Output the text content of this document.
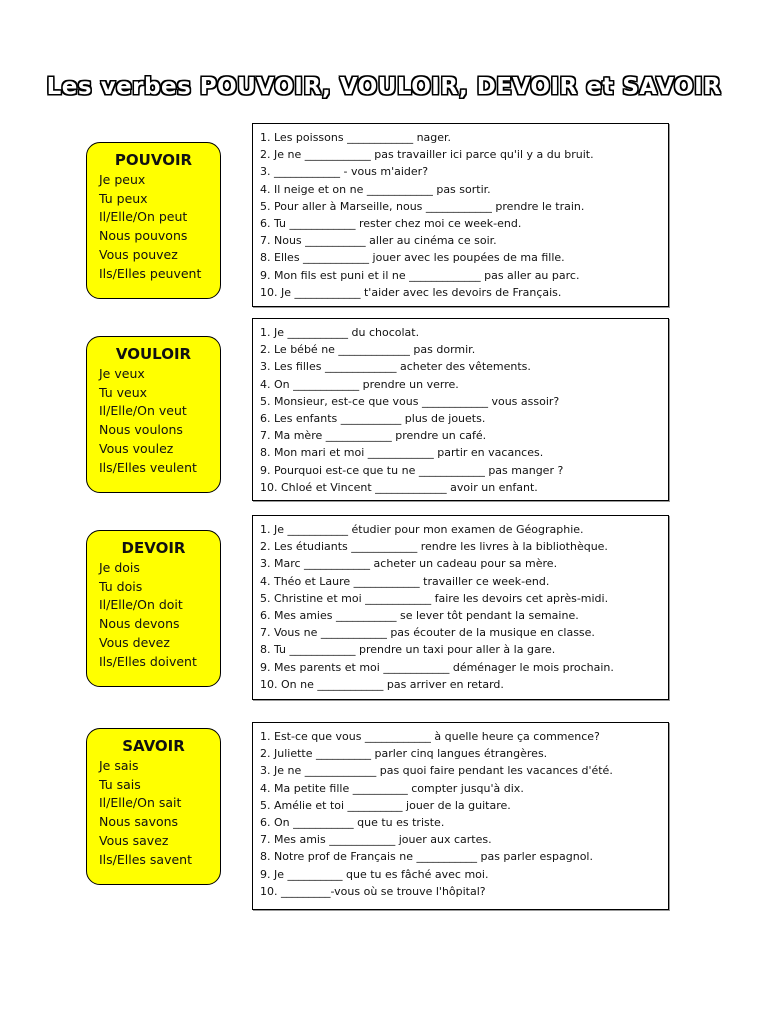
Les verbes POUVOIR, VOULOIR, DEVOIR et SAVOIR
POUVOIR
Je peux
Tu peux
Il/Elle/On peut
Nous pouvons
Vous pouvez
Ils/Elles peuvent
1. Les poissons ____________ nager.
2. Je ne ____________ pas travailler ici parce qu'il y a du bruit.
3. ____________ - vous m'aider?
4. Il neige et on ne ____________ pas sortir.
5. Pour aller à Marseille, nous ____________ prendre le train.
6. Tu ____________ rester chez moi ce week-end.
7. Nous ___________ aller au cinéma ce soir.
8. Elles ____________ jouer avec les poupées de ma fille.
9. Mon fils est puni et il ne _____________ pas aller au parc.
10. Je ____________ t'aider avec les devoirs de Français.
VOULOIR
Je veux
Tu veux
Il/Elle/On veut
Nous voulons
Vous voulez
Ils/Elles veulent
1. Je ___________ du chocolat.
2. Le bébé ne _____________ pas dormir.
3. Les filles _____________ acheter des vêtements.
4. On ____________ prendre un verre.
5. Monsieur, est-ce que vous ____________ vous assoir?
6. Les enfants ___________ plus de jouets.
7. Ma mère ____________ prendre un café.
8. Mon mari et moi ____________ partir en vacances.
9. Pourquoi est-ce que tu ne ____________ pas manger ?
10. Chloé et Vincent _____________ avoir un enfant.
DEVOIR
Je dois
Tu dois
Il/Elle/On doit
Nous devons
Vous devez
Ils/Elles doivent
1. Je ___________ étudier pour mon examen de Géographie.
2. Les étudiants ____________ rendre les livres à la bibliothèque.
3. Marc ____________ acheter un cadeau pour sa mère.
4. Théo et Laure ____________ travailler ce week-end.
5. Christine et moi ____________ faire les devoirs cet après-midi.
6. Mes amies ___________ se lever tôt pendant la semaine.
7. Vous ne ____________ pas écouter de la musique en classe.
8. Tu ____________ prendre un taxi pour aller à la gare.
9. Mes parents et moi ____________ déménager le mois prochain.
10. On ne ____________ pas arriver en retard.
SAVOIR
Je sais
Tu sais
Il/Elle/On sait
Nous savons
Vous savez
Ils/Elles savent
1. Est-ce que vous ____________ à quelle heure ça commence?
2. Juliette __________ parler cinq langues étrangères.
3. Je ne _____________ pas quoi faire pendant les vacances d'été.
4. Ma petite fille __________ compter jusqu'à dix.
5. Amélie et toi __________ jouer de la guitare.
6. On ___________ que tu es triste.
7. Mes amis ____________ jouer aux cartes.
8. Notre prof de Français ne ___________ pas parler espagnol.
9. Je __________ que tu es fâché avec moi.
10. _________-vous où se trouve l'hôpital?
